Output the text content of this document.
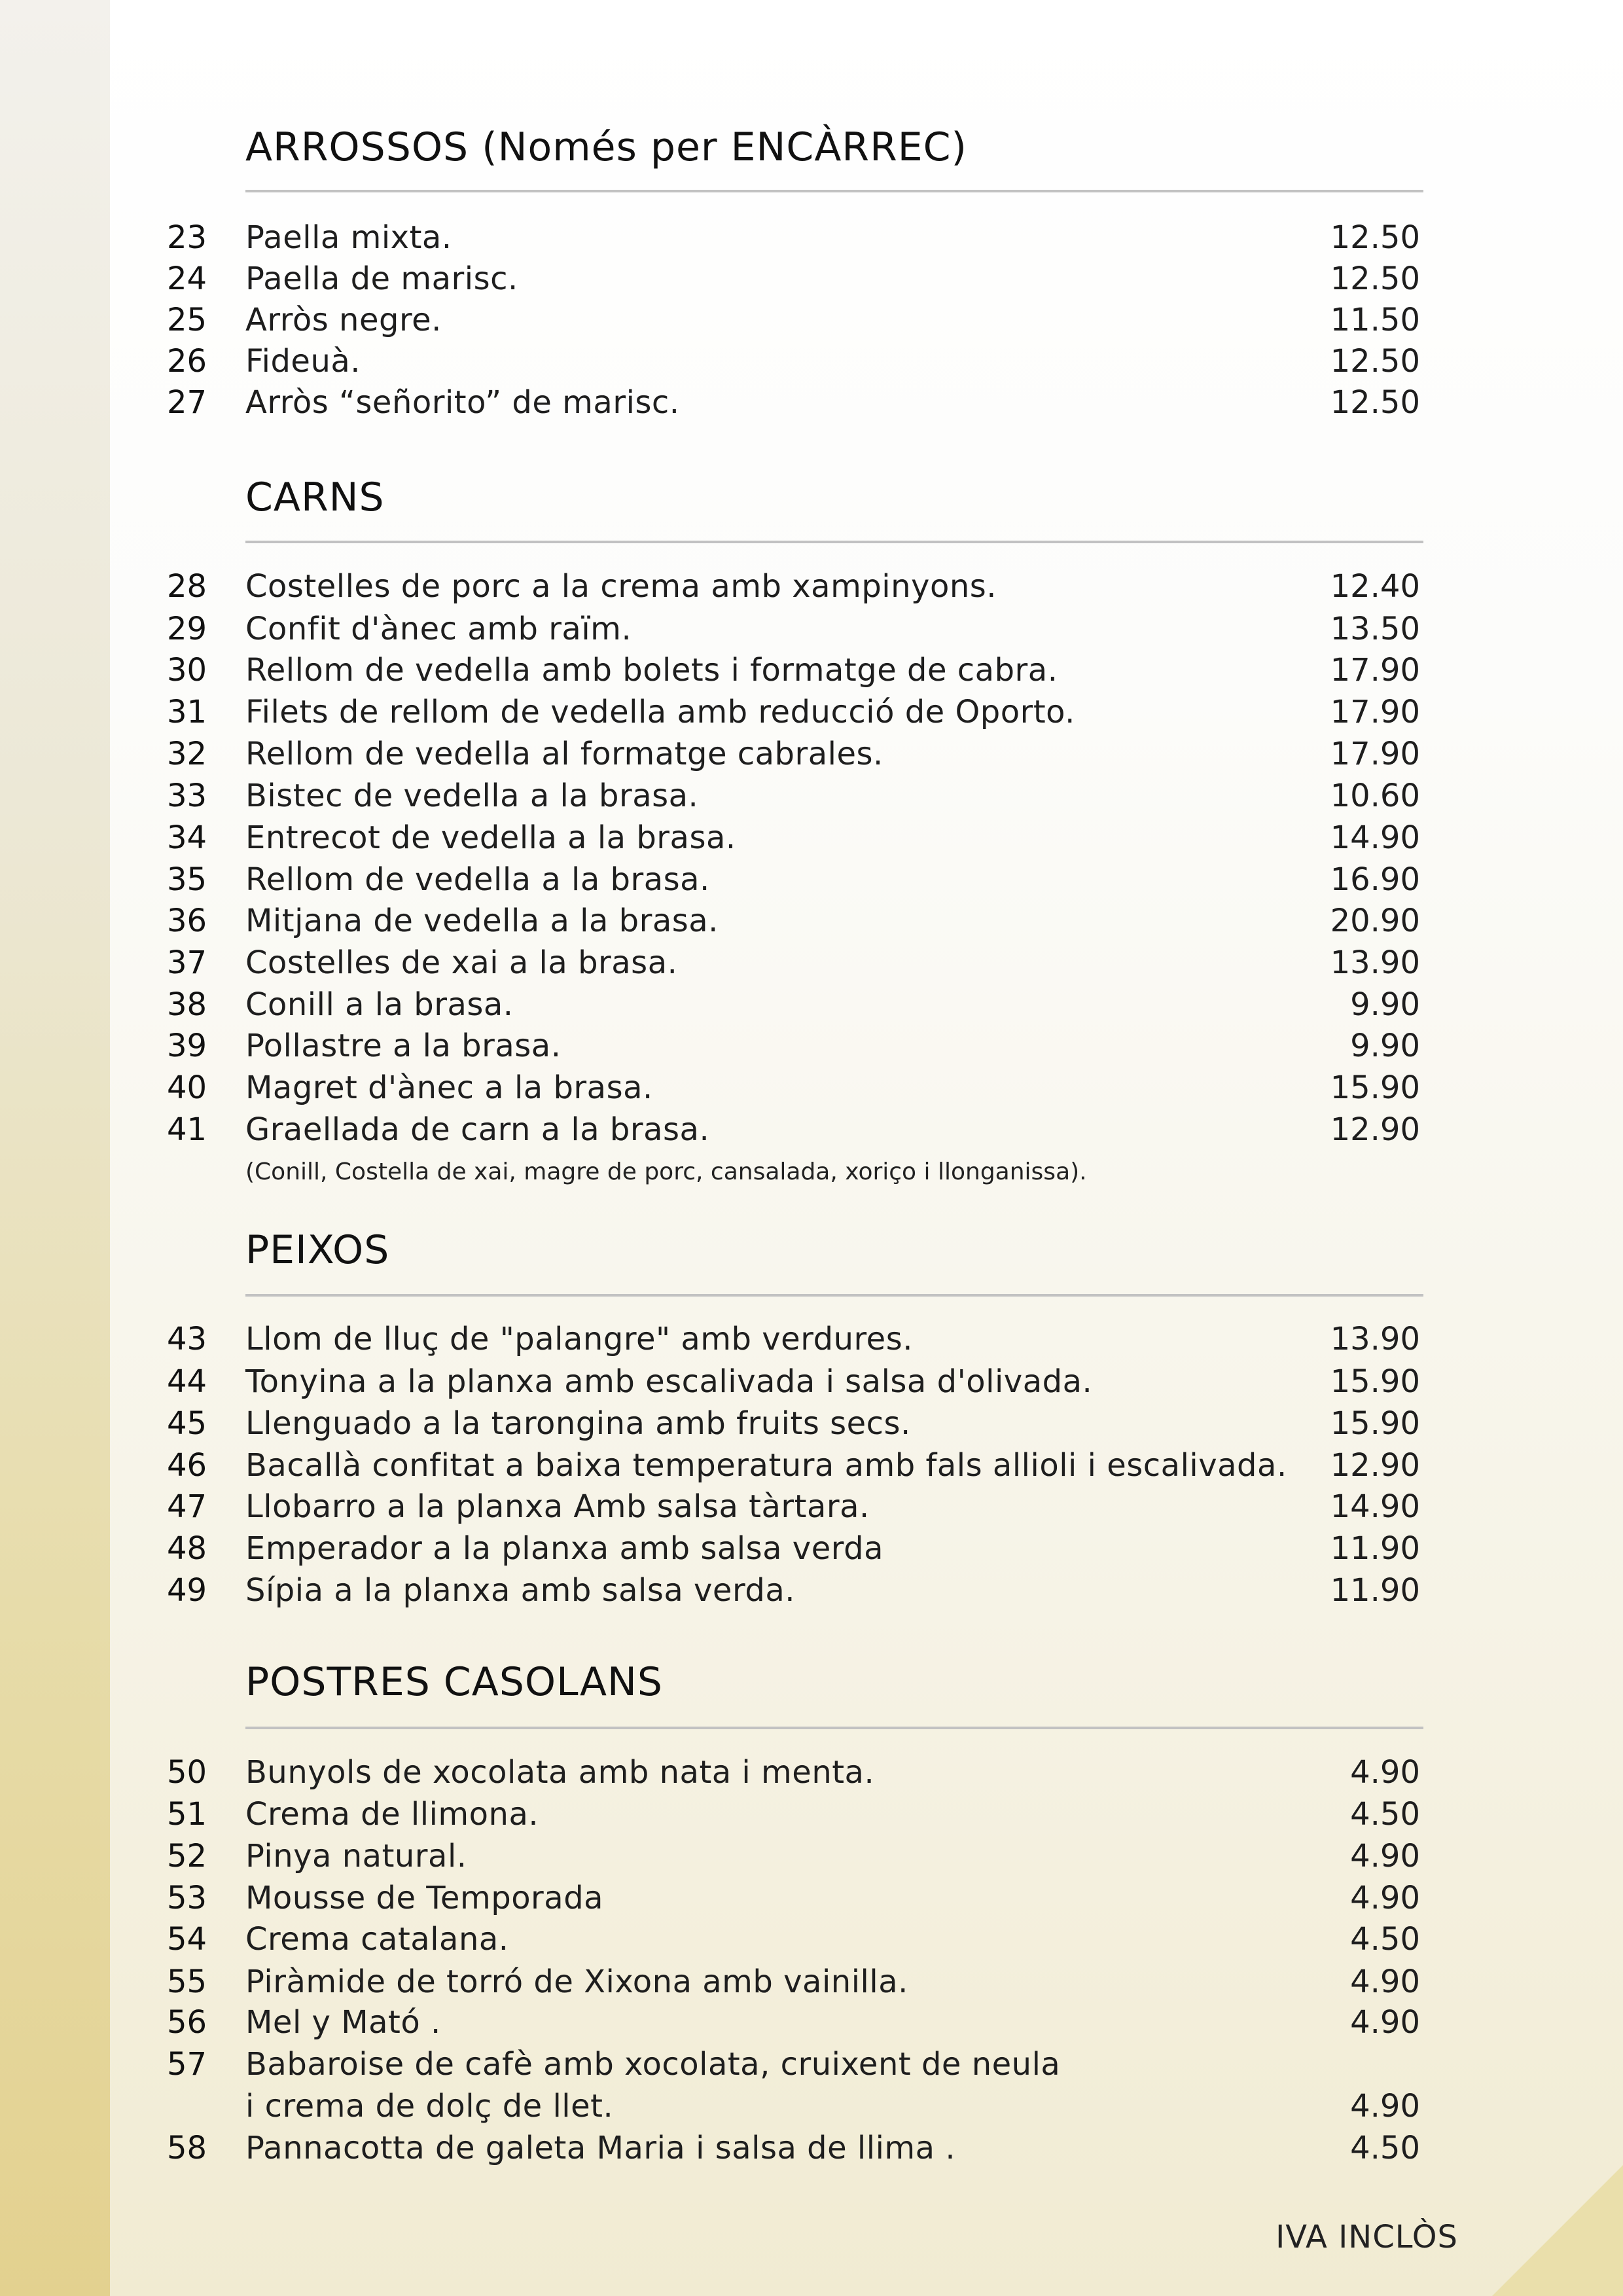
ARROSSOS (Només per ENCÀRREC)
23	Paella mixta.	12.50
24	Paella de marisc.	12.50
25	Arròs negre.	11.50
26	Fideuà.	12.50
27	Arròs “señorito” de marisc.	12.50
CARNS
28	Costelles de porc a la crema amb xampinyons.	12.40
29	Confit d'ànec amb raïm.	13.50
30	Rellom de vedella amb bolets i formatge de cabra.	17.90
31	Filets de rellom de vedella amb reducció de Oporto.	17.90
32	Rellom de vedella al formatge cabrales.	17.90
33	Bistec de vedella a la brasa.	10.60
34	Entrecot de vedella a la brasa.	14.90
35	Rellom de vedella a la brasa.	16.90
36	Mitjana de vedella a la brasa.	20.90
37	Costelles de xai a la brasa.	13.90
38	Conill a la brasa.	9.90
39	Pollastre a la brasa.	9.90
40	Magret d'ànec a la brasa.	15.90
41	Graellada de carn a la brasa.	12.90
(Conill, Costella de xai, magre de porc, cansalada, xoriço i llonganissa).
PEIXOS
43	Llom de lluç de "palangre" amb verdures.	13.90
44	Tonyina a la planxa amb escalivada i salsa d'olivada.	15.90
45	Llenguado a la tarongina amb fruits secs.	15.90
46	Bacallà confitat a baixa temperatura amb fals allioli i escalivada.	12.90
47	Llobarro a la planxa Amb salsa tàrtara.	14.90
48	Emperador a la planxa amb salsa verda	11.90
49	Sípia a la planxa amb salsa verda.	11.90
POSTRES CASOLANS
50	Bunyols de xocolata amb nata i menta.	4.90
51	Crema de llimona.	4.50
52	Pinya natural.	4.90
53	Mousse de Temporada	4.90
54	Crema catalana.	4.50
55	Piràmide de torró de Xixona amb vainilla.	4.90
56	Mel y Mató .	4.90
57	Babaroise de cafè amb xocolata, cruixent de neula
i crema de dolç de llet.	4.90
58	Pannacotta de galeta Maria i salsa de llima .	4.50
IVA INCLÒS
